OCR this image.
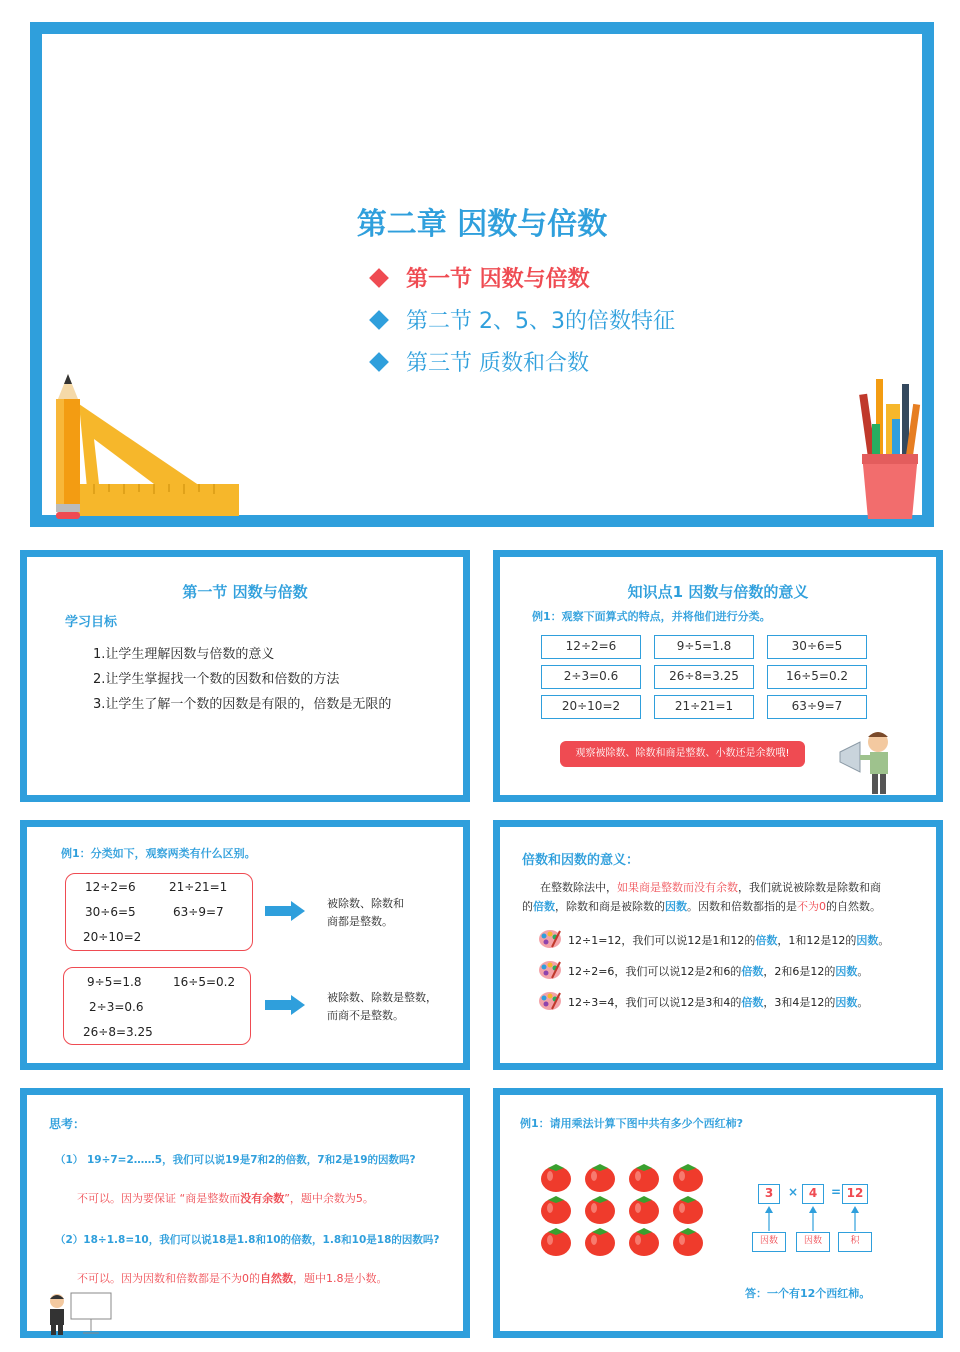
第二章 因数与倍数
第一节 因数与倍数
第二节 2、5、3的倍数特征
第三节 质数和合数
第一节 因数与倍数
学习目标
1.让学生理解因数与倍数的意义
2.让学生掌握找一个数的因数和倍数的方法
3.让学生了解一个数的因数是有限的，倍数是无限的
知识点1 因数与倍数的意义
例1：观察下面算式的特点，并将他们进行分类。
12÷2=6	9÷5=1.8	30÷6=5
2÷3=0.6	26÷8=3.25	16÷5=0.2
20÷10=2	21÷21=1	63÷9=7
观察被除数、除数和商是整数、小数还是余数哦!
例1：分类如下，观察两类有什么区别。
12÷2=6	21÷21=1
30÷6=5	63÷9=7
20÷10=2
被除数、除数和
商都是整数。
9÷5=1.8	16÷5=0.2
2÷3=0.6
26÷8=3.25
被除数、除数是整数，
而商不是整数。
倍数和因数的意义：
在整数除法中，如果商是整数而没有余数，我们就说被除数是除数和商
的倍数，除数和商是被除数的因数。因数和倍数都指的是不为0的自然数。
12÷1=12，我们可以说12是1和12的倍数，1和12是12的因数。
12÷2=6，我们可以说12是2和6的倍数，2和6是12的因数。
12÷3=4，我们可以说12是3和4的倍数，3和4是12的因数。
思考：
（1） 19÷7=2……5，我们可以说19是7和2的倍数，7和2是19的因数吗?
不可以。因为要保证 “商是整数而没有余数”，题中余数为5。
（2）18÷1.8=10，我们可以说18是1.8和10的倍数，1.8和10是18的因数吗?
不可以。因为因数和倍数都是不为0的自然数，题中1.8是小数。
例1：请用乘法计算下图中共有多少个西红柿?
3	× 4	= 12
因数	因数	积
答：一个有12个西红柿。
